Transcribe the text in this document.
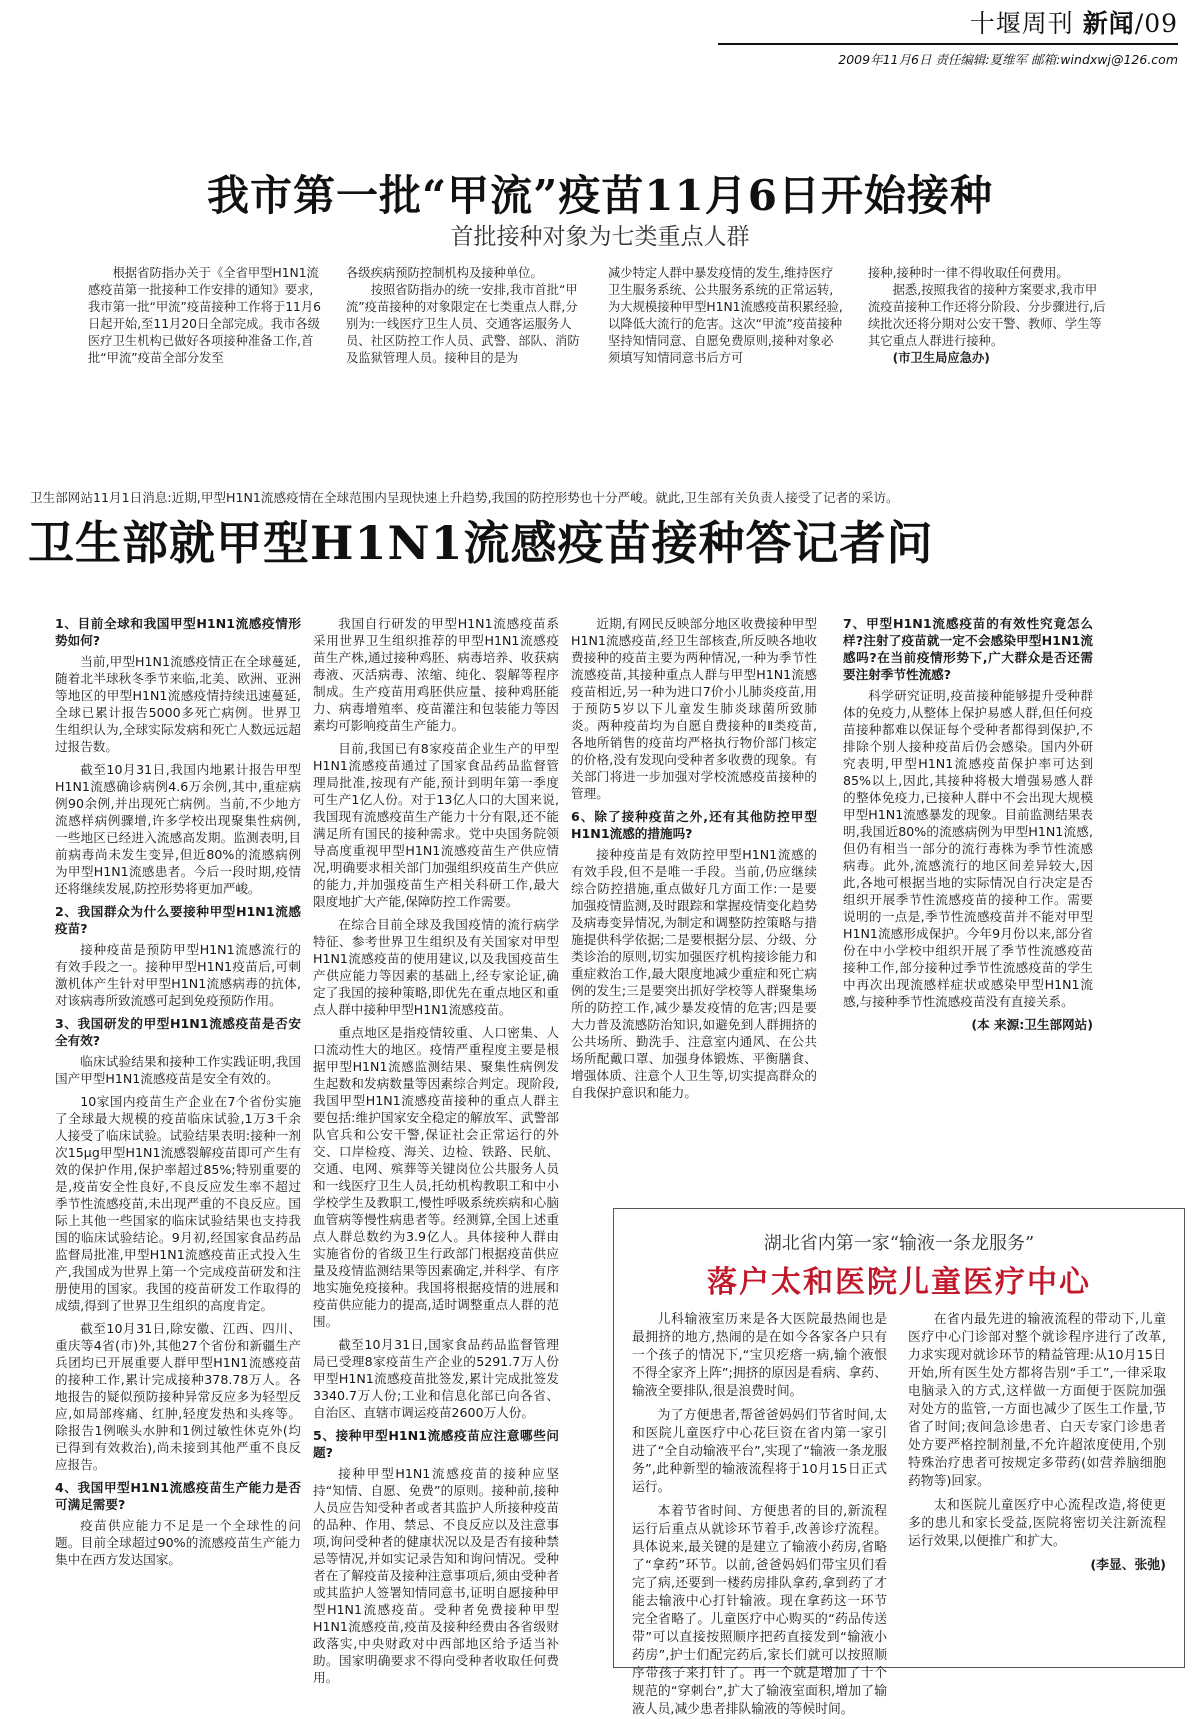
十堰周刊 新闻/09
2009年11月6日 责任编辑:夏维军 邮箱:windxwj@126.com
我市第一批“甲流”疫苗11月6日开始接种
首批接种对象为七类重点人群

根据省防指办关于《全省甲型H1N1流感疫苗第一批接种工作安排的通知》要求,我市第一批“甲流”疫苗接种工作将于11月6日起开始,至11月20日全部完成。我市各级医疗卫生机构已做好各项接种准备工作,首批“甲流”疫苗全部分发至

各级疾病预防控制机构及接种单位。

按照省防指办的统一安排,我市首批“甲流”疫苗接种的对象限定在七类重点人群,分别为:一线医疗卫生人员、交通客运服务人员、社区防控工作人员、武警、部队、消防及监狱管理人员。接种目的是为

减少特定人群中暴发疫情的发生,维持医疗卫生服务系统、公共服务系统的正常运转,为大规模接种甲型H1N1流感疫苗积累经验,以降低大流行的危害。这次“甲流”疫苗接种坚持知情同意、自愿免费原则,接种对象必须填写知情同意书后方可

接种,接种时一律不得收取任何费用。

据悉,按照我省的接种方案要求,我市甲流疫苗接种工作还将分阶段、分步骤进行,后续批次还将分期对公安干警、教师、学生等其它重点人群进行接种。

(市卫生局应急办)

卫生部网站11月1日消息:近期,甲型H1N1流感疫情在全球范围内呈现快速上升趋势,我国的防控形势也十分严峻。就此,卫生部有关负责人接受了记者的采访。
卫生部就甲型H1N1流感疫苗接种答记者问
1、目前全球和我国甲型H1N1流感疫情形势如何?

当前,甲型H1N1流感疫情正在全球蔓延,随着北半球秋冬季节来临,北美、欧洲、亚洲等地区的甲型H1N1流感疫情持续迅速蔓延,全球已累计报告5000多死亡病例。世界卫生组织认为,全球实际发病和死亡人数远远超过报告数。

截至10月31日,我国内地累计报告甲型H1N1流感确诊病例4.6万余例,其中,重症病例90余例,并出现死亡病例。当前,不少地方流感样病例骤增,许多学校出现聚集性病例,一些地区已经进入流感高发期。监测表明,目前病毒尚未发生变异,但近80%的流感病例为甲型H1N1流感患者。今后一段时期,疫情还将继续发展,防控形势将更加严峻。

2、我国群众为什么要接种甲型H1N1流感疫苗?

接种疫苗是预防甲型H1N1流感流行的有效手段之一。接种甲型H1N1疫苗后,可刺激机体产生针对甲型H1N1流感病毒的抗体,对该病毒所致流感可起到免疫预防作用。

3、我国研发的甲型H1N1流感疫苗是否安全有效?

临床试验结果和接种工作实践证明,我国国产甲型H1N1流感疫苗是安全有效的。

10家国内疫苗生产企业在7个省份实施了全球最大规模的疫苗临床试验,1万3千余人接受了临床试验。试验结果表明:接种一剂次15μg甲型H1N1流感裂解疫苗即可产生有效的保护作用,保护率超过85%;特别重要的是,疫苗安全性良好,不良反应发生率不超过季节性流感疫苗,未出现严重的不良反应。国际上其他一些国家的临床试验结果也支持我国的临床试验结论。9月初,经国家食品药品监督局批准,甲型H1N1流感疫苗正式投入生产,我国成为世界上第一个完成疫苗研发和注册使用的国家。我国的疫苗研发工作取得的成绩,得到了世界卫生组织的高度肯定。

截至10月31日,除安徽、江西、四川、重庆等4省(市)外,其他27个省份和新疆生产兵团均已开展重要人群甲型H1N1流感疫苗的接种工作,累计完成接种378.78万人。各地报告的疑似预防接种异常反应多为轻型反应,如局部疼痛、红肿,轻度发热和头疼等。除报告1例喉头水肿和1例过敏性休克外(均已得到有效救治),尚未接到其他严重不良反应报告。

4、我国甲型H1N1流感疫苗生产能力是否可满足需要?

疫苗供应能力不足是一个全球性的问题。目前全球超过90%的流感疫苗生产能力集中在西方发达国家。

我国自行研发的甲型H1N1流感疫苗系采用世界卫生组织推荐的甲型H1N1流感疫苗生产株,通过接种鸡胚、病毒培养、收获病毒液、灭活病毒、浓缩、纯化、裂解等程序制成。生产疫苗用鸡胚供应量、接种鸡胚能力、病毒增殖率、疫苗灌注和包装能力等因素均可影响疫苗生产能力。

目前,我国已有8家疫苗企业生产的甲型H1N1流感疫苗通过了国家食品药品监督管理局批准,按现有产能,预计到明年第一季度可生产1亿人份。对于13亿人口的大国来说,我国现有流感疫苗生产能力十分有限,还不能满足所有国民的接种需求。党中央国务院领导高度重视甲型H1N1流感疫苗生产供应情况,明确要求相关部门加强组织疫苗生产供应的能力,并加强疫苗生产相关科研工作,最大限度地扩大产能,保障防控工作需要。

在综合目前全球及我国疫情的流行病学特征、参考世界卫生组织及有关国家对甲型H1N1流感疫苗的使用建议,以及我国疫苗生产供应能力等因素的基础上,经专家论证,确定了我国的接种策略,即优先在重点地区和重点人群中接种甲型H1N1流感疫苗。

重点地区是指疫情较重、人口密集、人口流动性大的地区。疫情严重程度主要是根据甲型H1N1流感监测结果、聚集性病例发生起数和发病数量等因素综合判定。现阶段,我国甲型H1N1流感疫苗接种的重点人群主要包括:维护国家安全稳定的解放军、武警部队官兵和公安干警,保证社会正常运行的外交、口岸检疫、海关、边检、铁路、民航、交通、电网、殡葬等关键岗位公共服务人员和一线医疗卫生人员,托幼机构教职工和中小学校学生及教职工,慢性呼吸系统疾病和心脑血管病等慢性病患者等。经测算,全国上述重点人群总数约为3.9亿人。具体接种人群由实施省份的省级卫生行政部门根据疫苗供应量及疫情监测结果等因素确定,并科学、有序地实施免疫接种。我国将根据疫情的进展和疫苗供应能力的提高,适时调整重点人群的范围。

截至10月31日,国家食品药品监督管理局已受理8家疫苗生产企业的5291.7万人份甲型H1N1流感疫苗批签发,累计完成批签发3340.7万人份;工业和信息化部已向各省、自治区、直辖市调运疫苗2600万人份。

5、接种甲型H1N1流感疫苗应注意哪些问题?

接种甲型H1N1流感疫苗的接种应坚持“知情、自愿、免费”的原则。接种前,接种人员应告知受种者或者其监护人所接种疫苗的品种、作用、禁忌、不良反应以及注意事项,询问受种者的健康状况以及是否有接种禁忌等情况,并如实记录告知和询问情况。受种者在了解疫苗及接种注意事项后,须由受种者或其监护人签署知情同意书,证明自愿接种甲型H1N1流感疫苗。受种者免费接种甲型H1N1流感疫苗,疫苗及接种经费由各省级财政落实,中央财政对中西部地区给予适当补助。国家明确要求不得向受种者收取任何费用。

近期,有网民反映部分地区收费接种甲型H1N1流感疫苗,经卫生部核查,所反映各地收费接种的疫苗主要为两种情况,一种为季节性流感疫苗,其接种重点人群与甲型H1N1流感疫苗相近,另一种为进口7价小儿肺炎疫苗,用于预防5岁以下儿童发生肺炎球菌所致肺炎。两种疫苗均为自愿自费接种的Ⅱ类疫苗,各地所销售的疫苗均严格执行物价部门核定的价格,没有发现向受种者多收费的现象。有关部门将进一步加强对学校流感疫苗接种的管理。

6、除了接种疫苗之外,还有其他防控甲型H1N1流感的措施吗?

接种疫苗是有效防控甲型H1N1流感的有效手段,但不是唯一手段。当前,仍应继续综合防控措施,重点做好几方面工作:一是要加强疫情监测,及时跟踪和掌握疫情变化趋势及病毒变异情况,为制定和调整防控策略与措施提供科学依据;二是要根据分层、分级、分类诊治的原则,切实加强医疗机构接诊能力和重症救治工作,最大限度地减少重症和死亡病例的发生;三是要突出抓好学校等人群聚集场所的防控工作,减少暴发疫情的危害;四是要大力普及流感防治知识,如避免到人群拥挤的公共场所、勤洗手、注意室内通风、在公共场所配戴口罩、加强身体锻炼、平衡膳食、增强体质、注意个人卫生等,切实提高群众的自我保护意识和能力。

7、甲型H1N1流感疫苗的有效性究竟怎么样?注射了疫苗就一定不会感染甲型H1N1流感吗?在当前疫情形势下,广大群众是否还需要注射季节性流感?

科学研究证明,疫苗接种能够提升受种群体的免疫力,从整体上保护易感人群,但任何疫苗接种都难以保证每个受种者都得到保护,不排除个别人接种疫苗后仍会感染。国内外研究表明,甲型H1N1流感疫苗保护率可达到85%以上,因此,其接种将极大增强易感人群的整体免疫力,已接种人群中不会出现大规模甲型H1N1流感暴发的现象。目前监测结果表明,我国近80%的流感病例为甲型H1N1流感,但仍有相当一部分的流行毒株为季节性流感病毒。此外,流感流行的地区间差异较大,因此,各地可根据当地的实际情况自行决定是否组织开展季节性流感疫苗的接种工作。需要说明的一点是,季节性流感疫苗并不能对甲型H1N1流感形成保护。今年9月份以来,部分省份在中小学校中组织开展了季节性流感疫苗接种工作,部分接种过季节性流感疫苗的学生中再次出现流感样症状或感染甲型H1N1流感,与接种季节性流感疫苗没有直接关系。

(本 来源:卫生部网站)

湖北省内第一家“输液一条龙服务”
落户太和医院儿童医疗中心

儿科输液室历来是各大医院最热闹也是最拥挤的地方,热闹的是在如今各家各户只有一个孩子的情况下,“宝贝疙瘩一病,输个液恨不得全家齐上阵”;拥挤的原因是看病、拿药、输液全要排队,很是浪费时间。

为了方便患者,帮爸爸妈妈们节省时间,太和医院儿童医疗中心花巨资在省内第一家引进了“全自动输液平台”,实现了“输液一条龙服务”,此种新型的输液流程将于10月15日正式运行。

本着节省时间、方便患者的目的,新流程运行后重点从就诊环节着手,改善诊疗流程。具体说来,最关键的是建立了输液小药房,省略了“拿药”环节。以前,爸爸妈妈们带宝贝们看完了病,还要到一楼药房排队拿药,拿到药了才能去输液中心打针输液。现在拿药这一环节完全省略了。儿童医疗中心购买的“药品传送带”可以直接按照顺序把药直接发到“输液小药房”,护士们配完药后,家长们就可以按照顺序带孩子来打针了。再一个就是增加了十个规范的“穿刺台”,扩大了输液室面积,增加了输液人员,减少患者排队输液的等候时间。

在省内最先进的输液流程的带动下,儿童医疗中心门诊部对整个就诊程序进行了改革,力求实现对就诊环节的精益管理:从10月15日开始,所有医生处方都将告别“手工”,一律采取电脑录入的方式,这样做一方面便于医院加强对处方的监管,一方面也减少了医生工作量,节省了时间;夜间急诊患者、白天专家门诊患者处方要严格控制剂量,不允许超浓度使用,个别特殊治疗患者可按规定多带药(如营养脑细胞药物等)回家。

太和医院儿童医疗中心流程改造,将使更多的患儿和家长受益,医院将密切关注新流程运行效果,以便推广和扩大。

(李显、张弛)
